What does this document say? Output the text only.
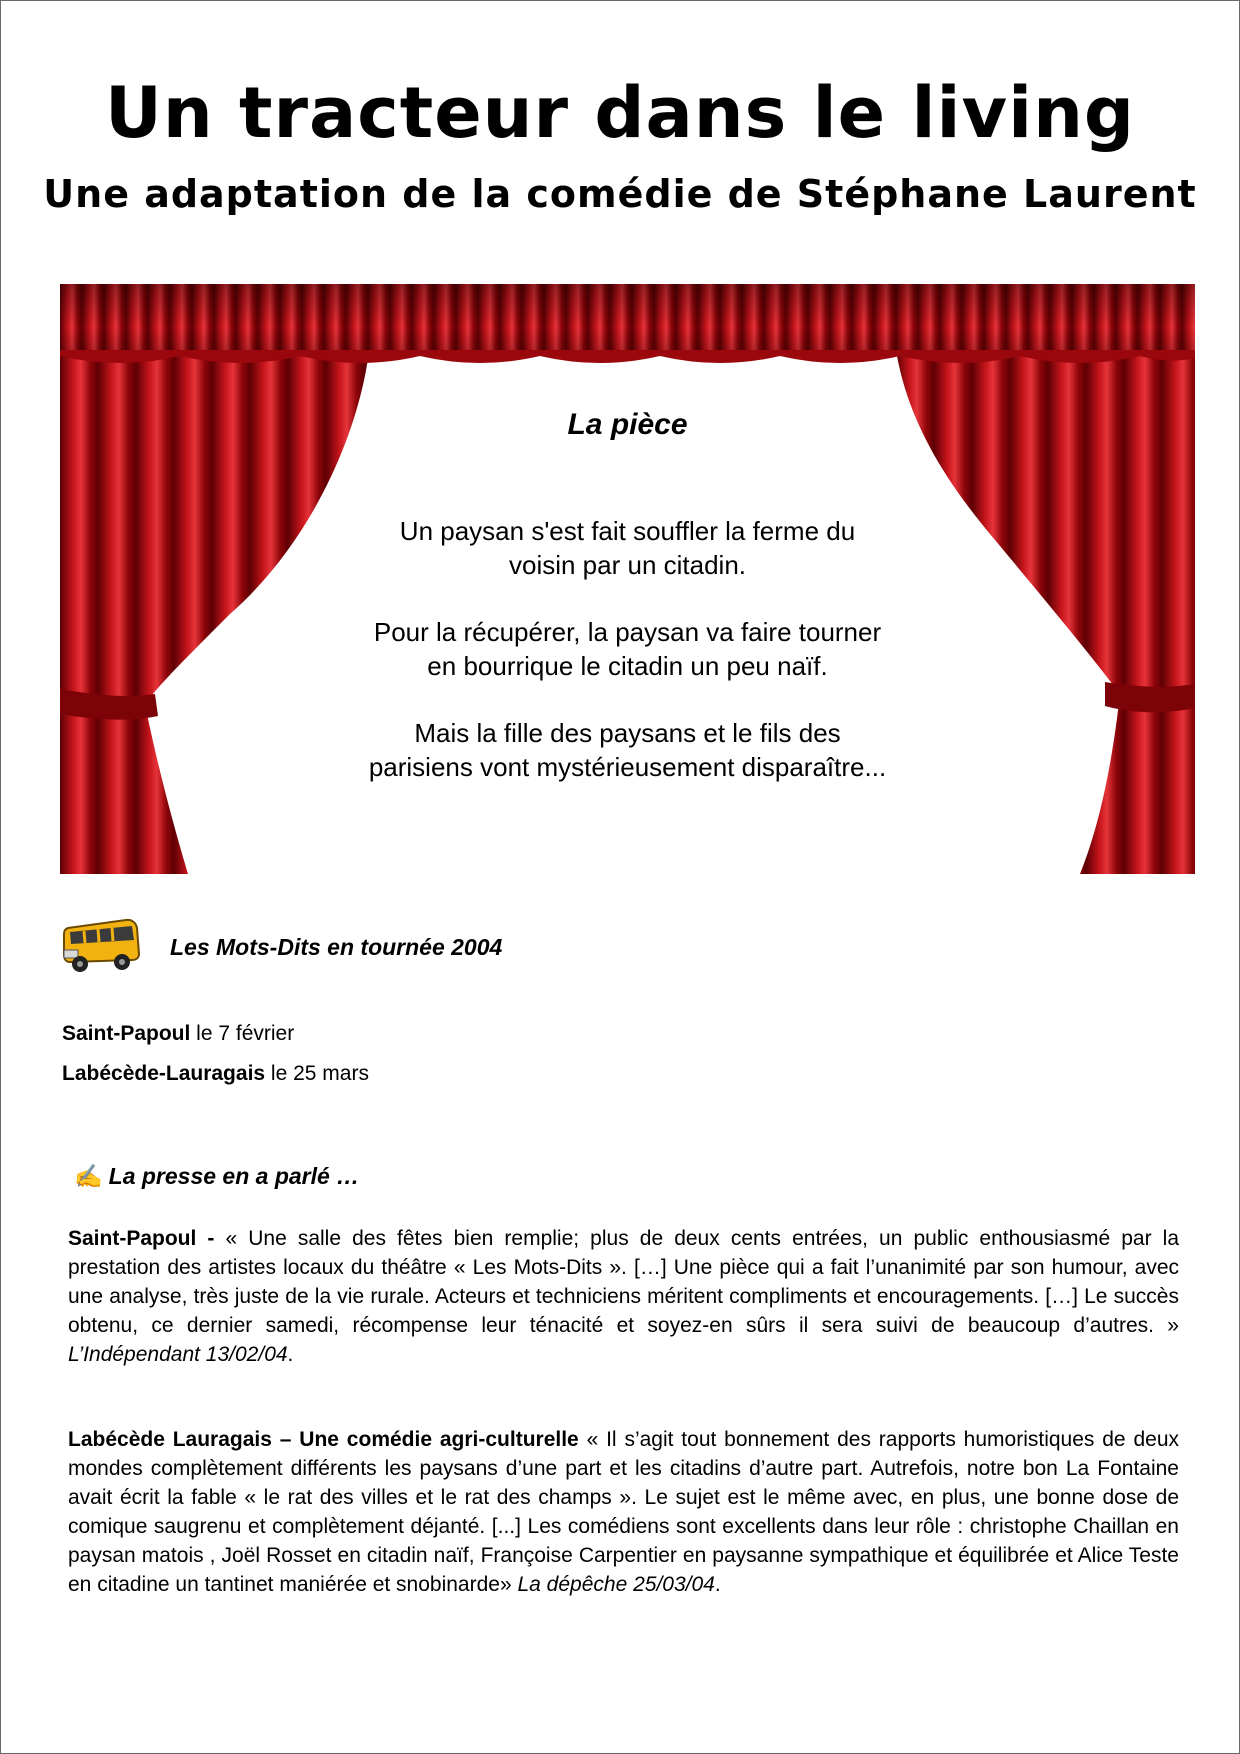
Un tracteur dans le living
Une adaptation de la comédie de Stéphane Laurent
La pièce
Un paysan s'est fait souffler la ferme du
voisin par un citadin.
Pour la récupérer, la paysan va faire tourner
en bourrique le citadin un peu naïf.
Mais la fille des paysans et le fils des
parisiens vont mystérieusement disparaître...
Les Mots-Dits en tournée 2004
Saint-Papoul le 7 février
Labécède-Lauragais le 25 mars
✍ La presse en a parlé …
Saint-Papoul - « Une salle des fêtes bien remplie; plus de deux cents entrées, un public enthousiasmé par la prestation des artistes locaux du théâtre « Les Mots-Dits ». […] Une pièce qui a fait l’unanimité par son humour, avec une analyse, très juste de la vie rurale. Acteurs et techniciens méritent compliments et encouragements. […] Le succès obtenu, ce dernier samedi, récompense leur ténacité et soyez-en sûrs il sera suivi de beaucoup d’autres. » L’Indépendant 13/02/04.
Labécède Lauragais – Une comédie agri-culturelle « Il s’agit tout bonnement des rapports humoristiques de deux mondes complètement différents les paysans d’une part et les citadins d’autre part. Autrefois, notre bon La Fontaine avait écrit la fable « le rat des villes et le rat des champs ». Le sujet est le même avec, en plus, une bonne dose de comique saugrenu et complètement déjanté. [...] Les comédiens sont excellents dans leur rôle : christophe Chaillan en paysan matois , Joël Rosset en citadin naïf, Françoise Carpentier en paysanne sympathique et équilibrée et Alice Teste en citadine un tantinet maniérée et snobinarde» La dépêche 25/03/04.
